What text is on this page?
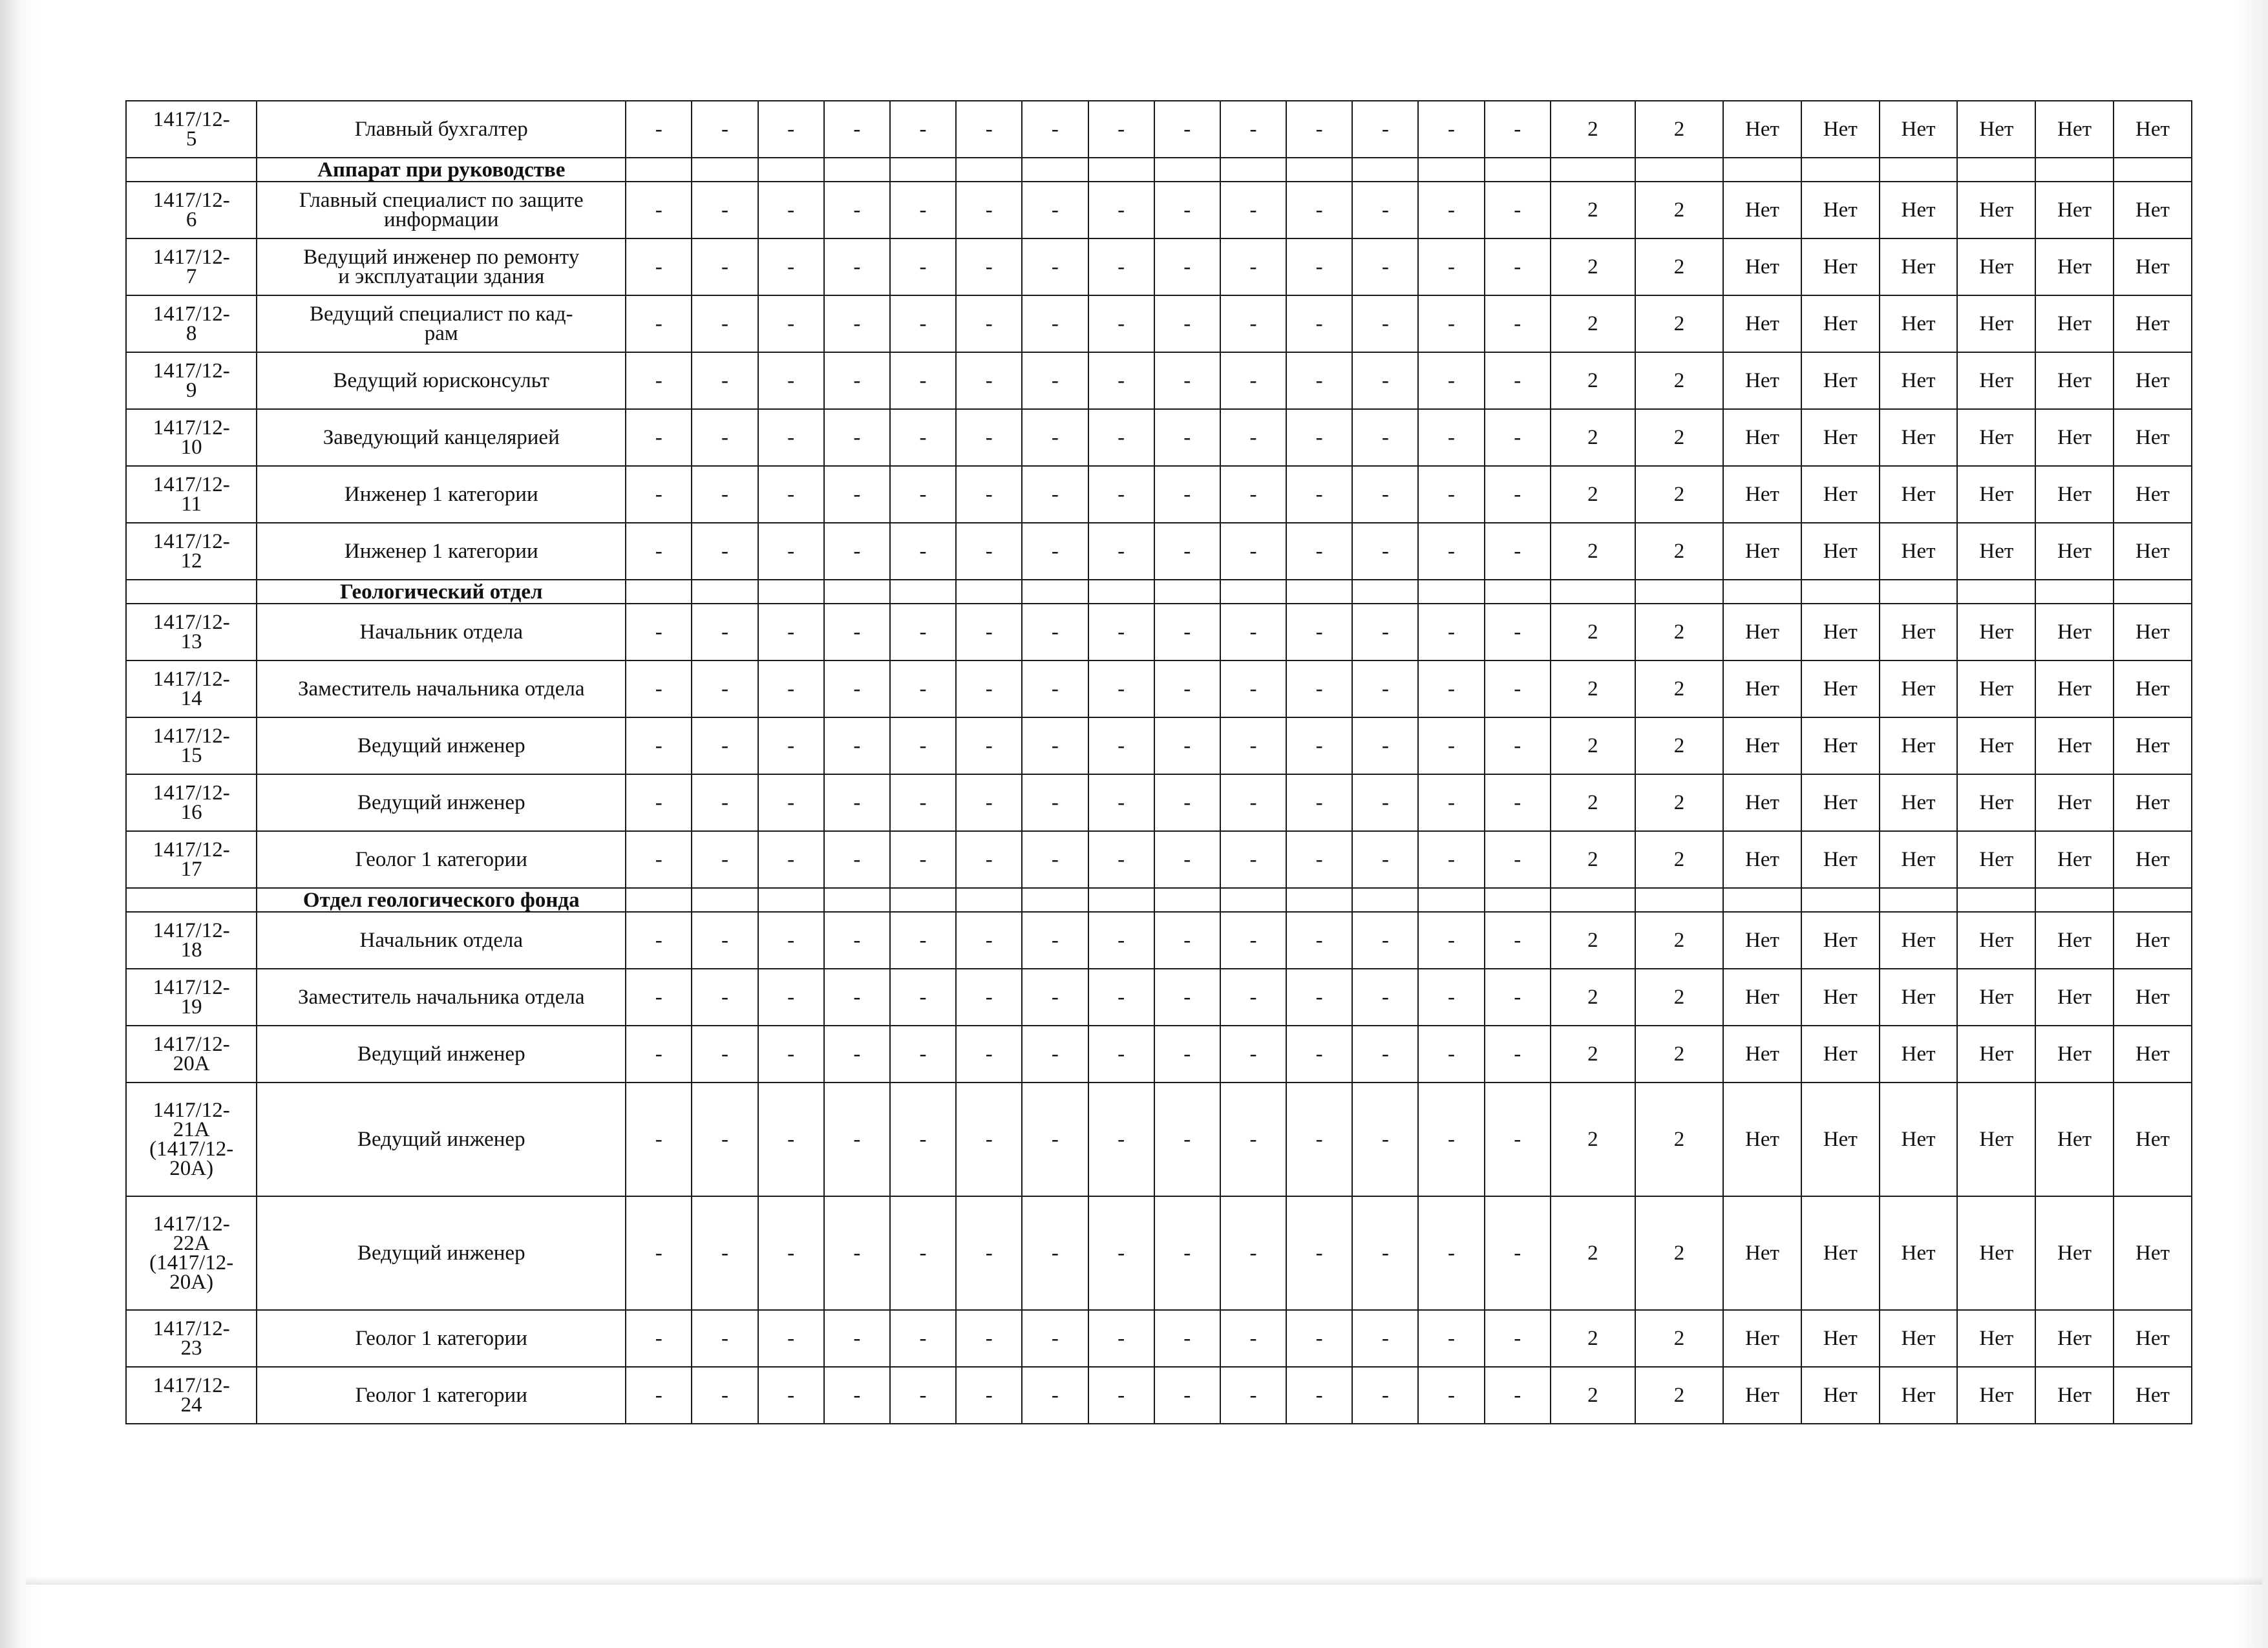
1417/12-
5	Главный бухгалтер	-	-	-	-	-	-	-	-	-	-	-	-	-	-	2	2	Нет	Нет	Нет	Нет	Нет	Нет
	Аппарат при руководстве																						
1417/12-
6	Главный специалист по защите
информации	-	-	-	-	-	-	-	-	-	-	-	-	-	-	2	2	Нет	Нет	Нет	Нет	Нет	Нет
1417/12-
7	Ведущий инженер по ремонту
и эксплуатации здания	-	-	-	-	-	-	-	-	-	-	-	-	-	-	2	2	Нет	Нет	Нет	Нет	Нет	Нет
1417/12-
8	Ведущий специалист по кад-
рам	-	-	-	-	-	-	-	-	-	-	-	-	-	-	2	2	Нет	Нет	Нет	Нет	Нет	Нет
1417/12-
9	Ведущий юрисконсульт	-	-	-	-	-	-	-	-	-	-	-	-	-	-	2	2	Нет	Нет	Нет	Нет	Нет	Нет
1417/12-
10	Заведующий канцелярией	-	-	-	-	-	-	-	-	-	-	-	-	-	-	2	2	Нет	Нет	Нет	Нет	Нет	Нет
1417/12-
11	Инженер 1 категории	-	-	-	-	-	-	-	-	-	-	-	-	-	-	2	2	Нет	Нет	Нет	Нет	Нет	Нет
1417/12-
12	Инженер 1 категории	-	-	-	-	-	-	-	-	-	-	-	-	-	-	2	2	Нет	Нет	Нет	Нет	Нет	Нет
	Геологический отдел																						
1417/12-
13	Начальник отдела	-	-	-	-	-	-	-	-	-	-	-	-	-	-	2	2	Нет	Нет	Нет	Нет	Нет	Нет
1417/12-
14	Заместитель начальника отдела	-	-	-	-	-	-	-	-	-	-	-	-	-	-	2	2	Нет	Нет	Нет	Нет	Нет	Нет
1417/12-
15	Ведущий инженер	-	-	-	-	-	-	-	-	-	-	-	-	-	-	2	2	Нет	Нет	Нет	Нет	Нет	Нет
1417/12-
16	Ведущий инженер	-	-	-	-	-	-	-	-	-	-	-	-	-	-	2	2	Нет	Нет	Нет	Нет	Нет	Нет
1417/12-
17	Геолог 1 категории	-	-	-	-	-	-	-	-	-	-	-	-	-	-	2	2	Нет	Нет	Нет	Нет	Нет	Нет
	Отдел геологического фонда																						
1417/12-
18	Начальник отдела	-	-	-	-	-	-	-	-	-	-	-	-	-	-	2	2	Нет	Нет	Нет	Нет	Нет	Нет
1417/12-
19	Заместитель начальника отдела	-	-	-	-	-	-	-	-	-	-	-	-	-	-	2	2	Нет	Нет	Нет	Нет	Нет	Нет
1417/12-
20А	Ведущий инженер	-	-	-	-	-	-	-	-	-	-	-	-	-	-	2	2	Нет	Нет	Нет	Нет	Нет	Нет
1417/12-
21А
(1417/12-
20А)	Ведущий инженер	-	-	-	-	-	-	-	-	-	-	-	-	-	-	2	2	Нет	Нет	Нет	Нет	Нет	Нет
1417/12-
22А
(1417/12-
20А)	Ведущий инженер	-	-	-	-	-	-	-	-	-	-	-	-	-	-	2	2	Нет	Нет	Нет	Нет	Нет	Нет
1417/12-
23	Геолог 1 категории	-	-	-	-	-	-	-	-	-	-	-	-	-	-	2	2	Нет	Нет	Нет	Нет	Нет	Нет
1417/12-
24	Геолог 1 категории	-	-	-	-	-	-	-	-	-	-	-	-	-	-	2	2	Нет	Нет	Нет	Нет	Нет	Нет
